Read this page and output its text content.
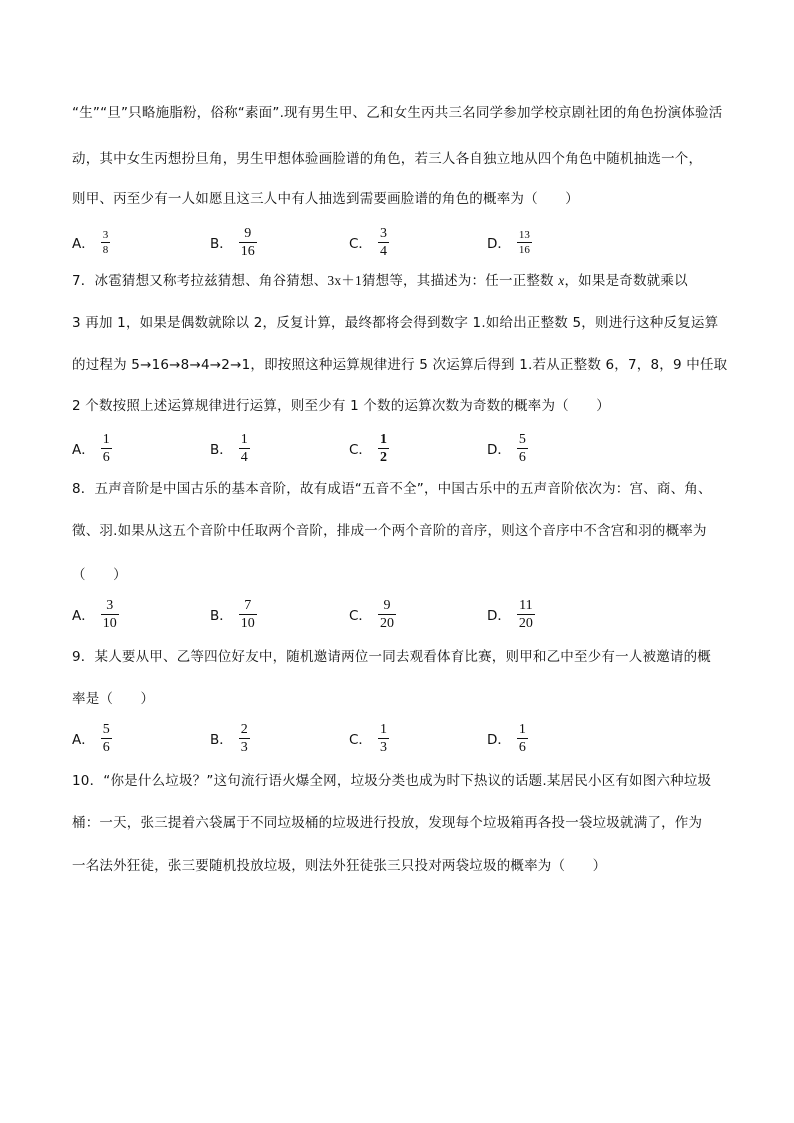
“生”“旦”只略施脂粉，俗称“素面”.现有男生甲、乙和女生丙共三名同学参加学校京剧社团的角色扮演体验活
动，其中女生丙想扮旦角，男生甲想体验画脸谱的角色，若三人各自独立地从四个角色中随机抽选一个，
则甲、丙至少有一人如愿且这三人中有人抽选到需要画脸谱的角色的概率为（　　）
A． $\frac{3}{8}$	B． $\frac{9}{16}$	C． $\frac{3}{4}$	D． $\frac{13}{16}$
7．冰雹猜想又称考拉兹猜想、角谷猜想、3x＋1猜想等，其描述为：任一正整数 x，如果是奇数就乘以
3 再加 1，如果是偶数就除以 2，反复计算，最终都将会得到数字 1.如给出正整数 5，则进行这种反复运算
的过程为 5→16→8→4→2→1，即按照这种运算规律进行 5 次运算后得到 1.若从正整数 6，7，8，9 中任取
2 个数按照上述运算规律进行运算，则至少有 1 个数的运算次数为奇数的概率为（　　）
A． $\frac{1}{6}$	B． $\frac{1}{4}$	C． $\frac{1}{2}$	D． $\frac{5}{6}$
8．五声音阶是中国古乐的基本音阶，故有成语“五音不全”，中国古乐中的五声音阶依次为：宫、商、角、
徵、羽.如果从这五个音阶中任取两个音阶，排成一个两个音阶的音序，则这个音序中不含宫和羽的概率为
（　　）
A． $\frac{3}{10}$	B． $\frac{7}{10}$	C． $\frac{9}{20}$	D． $\frac{11}{20}$
9．某人要从甲、乙等四位好友中，随机邀请两位一同去观看体育比赛，则甲和乙中至少有一人被邀请的概
率是（　　）
A． $\frac{5}{6}$	B． $\frac{2}{3}$	C． $\frac{1}{3}$	D． $\frac{1}{6}$
10．“你是什么垃圾？”这句流行语火爆全网，垃圾分类也成为时下热议的话题.某居民小区有如图六种垃圾
桶：一天，张三提着六袋属于不同垃圾桶的垃圾进行投放，发现每个垃圾箱再各投一袋垃圾就满了，作为
一名法外狂徒，张三要随机投放垃圾，则法外狂徒张三只投对两袋垃圾的概率为（　　）
